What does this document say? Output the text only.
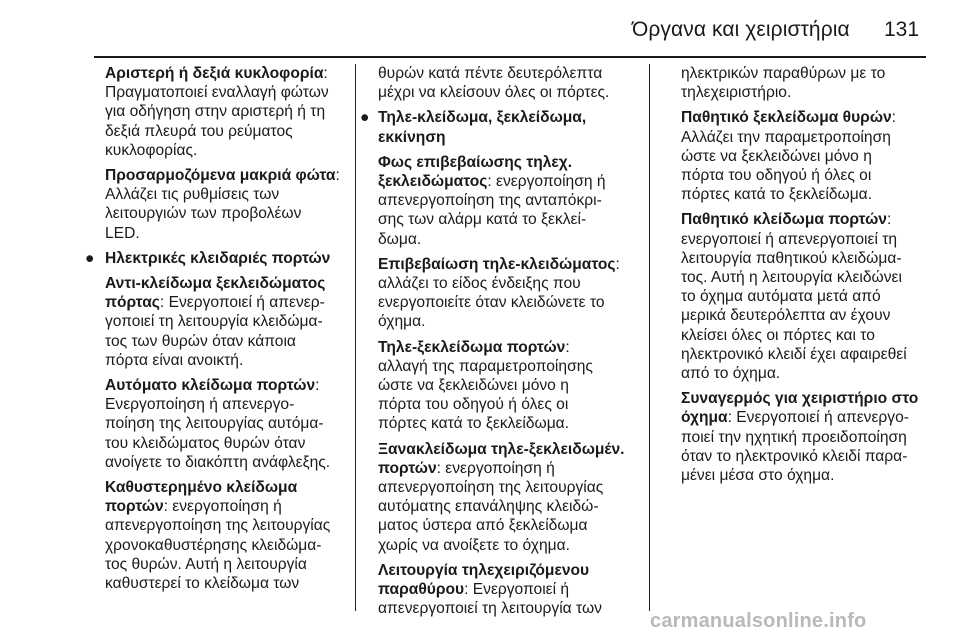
Όργανα και χειριστήρια 131
Αριστερή ή δεξιά κυκλοφορία:
Πραγματοποιεί εναλλαγή φώτων
για οδήγηση στην αριστερή ή τη
δεξιά πλευρά του ρεύματος
κυκλοφορίας.
Προσαρμοζόμενα μακριά φώτα:
Αλλάζει τις ρυθμίσεις των
λειτουργιών των προβολέων
LED.
● Ηλεκτρικές κλειδαριές πορτών
Αντι-κλείδωμα ξεκλειδώματος
πόρτας: Ενεργοποιεί ή απενερ-
γοποιεί τη λειτουργία κλειδώμα-
τος των θυρών όταν κάποια
πόρτα είναι ανοικτή.
Αυτόματο κλείδωμα πορτών:
Ενεργοποίηση ή απενεργο-
ποίηση της λειτουργίας αυτόμα-
του κλειδώματος θυρών όταν
ανοίγετε το διακόπτη ανάφλεξης.
Καθυστερημένο κλείδωμα
πορτών: ενεργοποίηση ή
απενεργοποίηση της λειτουργίας
χρονοκαθυστέρησης κλειδώμα-
τος θυρών. Αυτή η λειτουργία
καθυστερεί το κλείδωμα των
θυρών κατά πέντε δευτερόλεπτα
μέχρι να κλείσουν όλες οι πόρτες.
● Τηλε-κλείδωμα, ξεκλείδωμα,
εκκίνηση
Φως επιβεβαίωσης τηλεχ.
ξεκλειδώματος: ενεργοποίηση ή
απενεργοποίηση της ανταπόκρι-
σης των αλάρμ κατά το ξεκλεί-
δωμα.
Επιβεβαίωση τηλε-κλειδώματος:
αλλάζει το είδος ένδειξης που
ενεργοποιείτε όταν κλειδώνετε το
όχημα.
Τηλε-ξεκλείδωμα πορτών:
αλλαγή της παραμετροποίησης
ώστε να ξεκλειδώνει μόνο η
πόρτα του οδηγού ή όλες οι
πόρτες κατά το ξεκλείδωμα.
Ξανακλείδωμα τηλε-ξεκλειδωμέν.
πορτών: ενεργοποίηση ή
απενεργοποίηση της λειτουργίας
αυτόματης επανάληψης κλειδώ-
ματος ύστερα από ξεκλείδωμα
χωρίς να ανοίξετε το όχημα.
Λειτουργία τηλεχειριζόμενου
παραθύρου: Ενεργοποιεί ή
απενεργοποιεί τη λειτουργία των
ηλεκτρικών παραθύρων με το
τηλεχειριστήριο.
Παθητικό ξεκλείδωμα θυρών:
Αλλάζει την παραμετροποίηση
ώστε να ξεκλειδώνει μόνο η
πόρτα του οδηγού ή όλες οι
πόρτες κατά το ξεκλείδωμα.
Παθητικό κλείδωμα πορτών:
ενεργοποιεί ή απενεργοποιεί τη
λειτουργία παθητικού κλειδώμα-
τος. Αυτή η λειτουργία κλειδώνει
το όχημα αυτόματα μετά από
μερικά δευτερόλεπτα αν έχουν
κλείσει όλες οι πόρτες και το
ηλεκτρονικό κλειδί έχει αφαιρεθεί
από το όχημα.
Συναγερμός για χειριστήριο στο
όχημα: Ενεργοποιεί ή απενεργο-
ποιεί την ηχητική προειδοποίηση
όταν το ηλεκτρονικό κλειδί παρα-
μένει μέσα στο όχημα.
carmanualsonline.info
